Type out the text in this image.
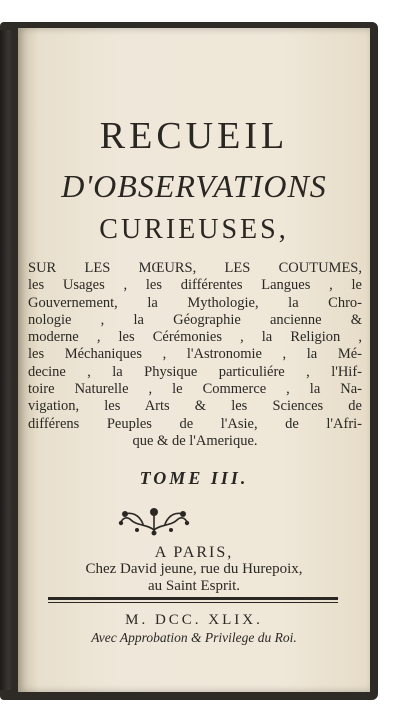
RECUEIL
D'OBSERVATIONS
CURIEUSES,
SUR LES MŒURS, LES COUTUMES,
les Usages , les différentes Langues , le
Gouvernement, la Mythologie, la Chro-
nologie , la Géographie ancienne &
moderne , les Cérémonies , la Religion ,
les Méchaniques , l'Astronomie , la Mé-
decine , la Physique particuliére , l'Hif-
toire Naturelle , le Commerce , la Na-
vigation, les Arts & les Sciences de
différens Peuples de l'Asie, de l'Afri-
que & de l'Amerique.
TOME III.
A PARIS,
Chez David jeune, rue du Hurepoix,
au Saint Esprit.
M. DCC. XLIX.
Avec Approbation & Privilege du Roi.
